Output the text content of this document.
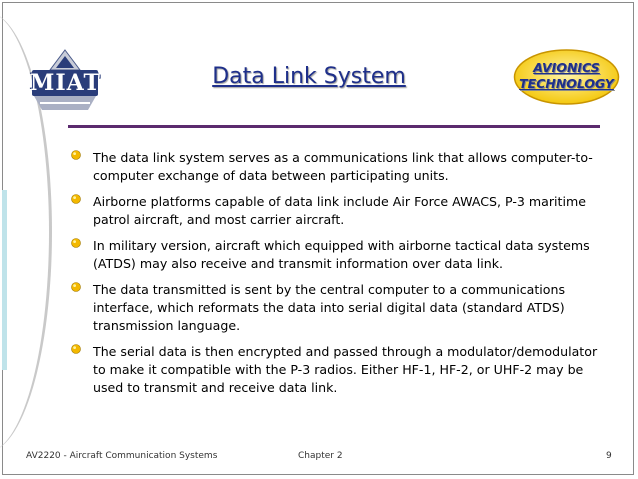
MIAT	Data Link System	AVIONICS
TECHNOLOGY
The data link system serves as a communications link that allows computer-to-computer exchange of data between participating units.
Airborne platforms capable of data link include Air Force AWACS, P-3 maritime patrol aircraft, and most carrier aircraft.
In military version, aircraft which equipped with airborne tactical data systems (ATDS) may also receive and transmit information over data link.
The data transmitted is sent by the central computer to a communications interface, which reformats the data into serial digital data (standard ATDS) transmission language.
The serial data is then encrypted and passed through a modulator/demodulator to make it compatible with the P-3 radios. Either HF-1, HF-2, or UHF-2 may be used to transmit and receive data link.
AV2220 - Aircraft Communication Systems	Chapter 2	9
